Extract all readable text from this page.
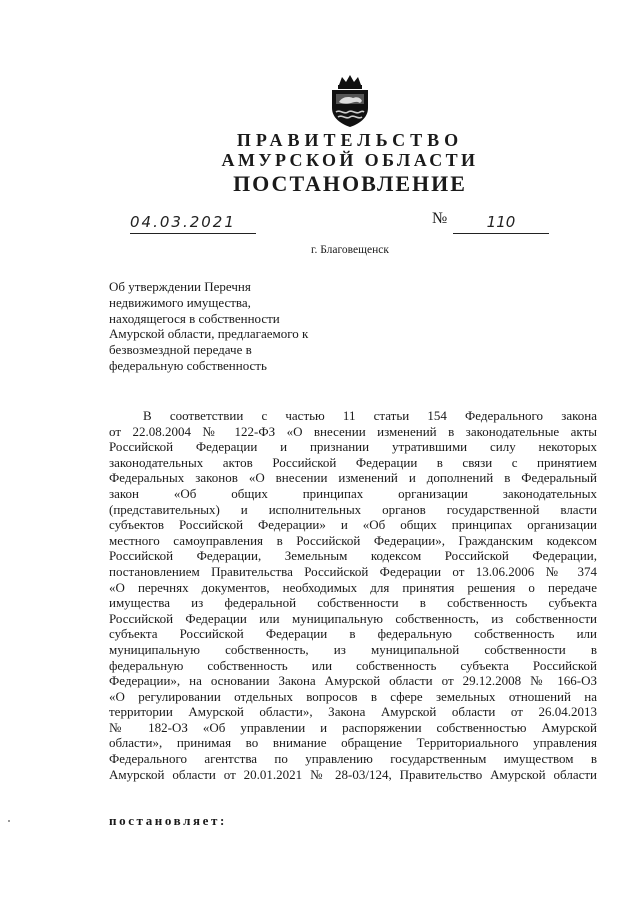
ПРАВИТЕЛЬСТВО
АМУРСКОЙ ОБЛАСТИ
ПОСТАНОВЛЕНИЕ
04.03.2021	№	110
г. Благовещенск
Об утверждении Перечня
недвижимого имущества,
находящегося в собственности
Амурской области, предлагаемого к
безвозмездной передаче в
федеральную собственность
В соответствии с частью 11 статьи 154 Федерального закона
от 22.08.2004 № 122-ФЗ «О внесении изменений в законодательные акты
Российской Федерации и признании утратившими силу некоторых
законодательных актов Российской Федерации в связи с принятием
Федеральных законов «О внесении изменений и дополнений в Федеральный
закон «Об общих принципах организации законодательных
(представительных) и исполнительных органов государственной власти
субъектов Российской Федерации» и «Об общих принципах организации
местного самоуправления в Российской Федерации», Гражданским кодексом
Российской Федерации, Земельным кодексом Российской Федерации,
постановлением Правительства Российской Федерации от 13.06.2006 № 374
«О перечнях документов, необходимых для принятия решения о передаче
имущества из федеральной собственности в собственность субъекта
Российской Федерации или муниципальную собственность, из собственности
субъекта Российской Федерации в федеральную собственность или
муниципальную собственность, из муниципальной собственности в
федеральную собственность или собственность субъекта Российской
Федерации», на основании Закона Амурской области от 29.12.2008 № 166-ОЗ
«О регулировании отдельных вопросов в сфере земельных отношений на
территории Амурской области», Закона Амурской области от 26.04.2013
№ 182-ОЗ «Об управлении и распоряжении собственностью Амурской
области», принимая во внимание обращение Территориального управления
Федерального агентства по управлению государственным имуществом в
Амурской области от 20.01.2021 № 28-03/124, Правительство Амурской области
постановляет:
